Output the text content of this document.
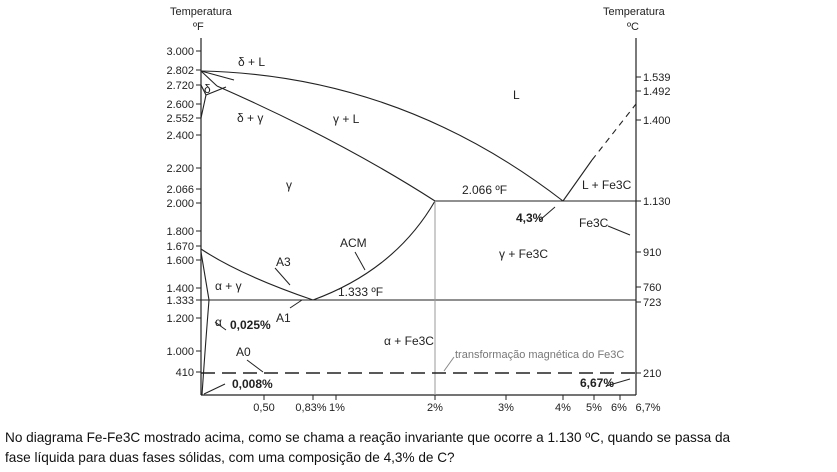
Temperatura
ºF
Temperatura
ºC
3.000
2.802
2.720
2.600
2.552
2.400
2.200
2.066
2.000
1.800
1.670
1.600
1.400
1.333
1.200
1.000
410
1.539
1.492
1.400
1.130
910
760
723
210
0,50 0,83% 1%	2%	3%	4% 5% 6% 6,7%
L
δ + L
δ
δ + γ	γ + L
γ
γ + Fe3C
L + Fe3C
α + γ
α
α + Fe3C
2.066 ºF
4,3%
1.333 ºF
Fe3C
ACM
A3
A1
A0
0,025%
0,008%	6,67%
transformação magnética do Fe3C
No diagrama Fe-Fe3C mostrado acima, como se chama a reação invariante que ocorre a 1.130 ºC, quando se passa da
fase líquida para duas fases sólidas, com uma composição de 4,3% de C?
